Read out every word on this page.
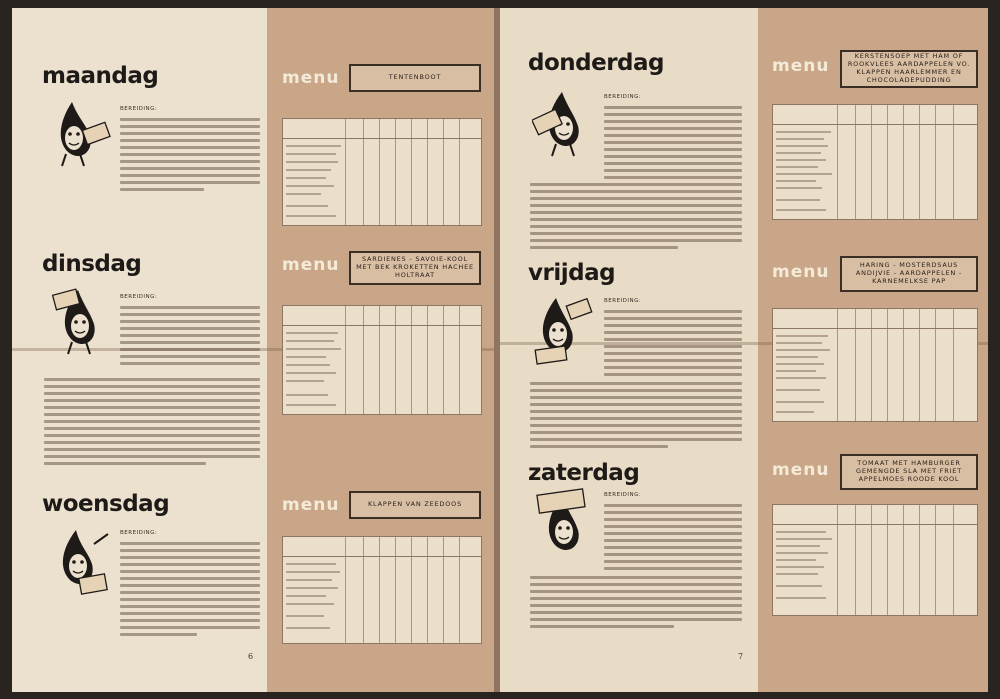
maandag
BEREIDING:
menu	TENTENBOOT
dinsdag
BEREIDING:
menu	SARDIENES - SAVOIE-KOOL MET BEK KROKETTEN HACHEE HOLTRAAT
woensdag
BEREIDING:
menu	KLAPPEN VAN ZEEDOOS
6
donderdag
BEREIDING:
menu	KERSTENSOEP MET HAM OF ROOKVLEES AARDAPPELEN VO. KLAPPEN HAARLEMMER EN CHOCOLADEPUDDING
vrijdag
BEREIDING:
menu	HARING - MOSTERDSAUS ANDIJVIE - AARDAPPELEN - KARNEMELKSE PAP
zaterdag
BEREIDING:
menu	TOMAAT MET HAMBURGER GEMENGDE SLA MET FRIET APPELMOES ROODE KOOL
7
